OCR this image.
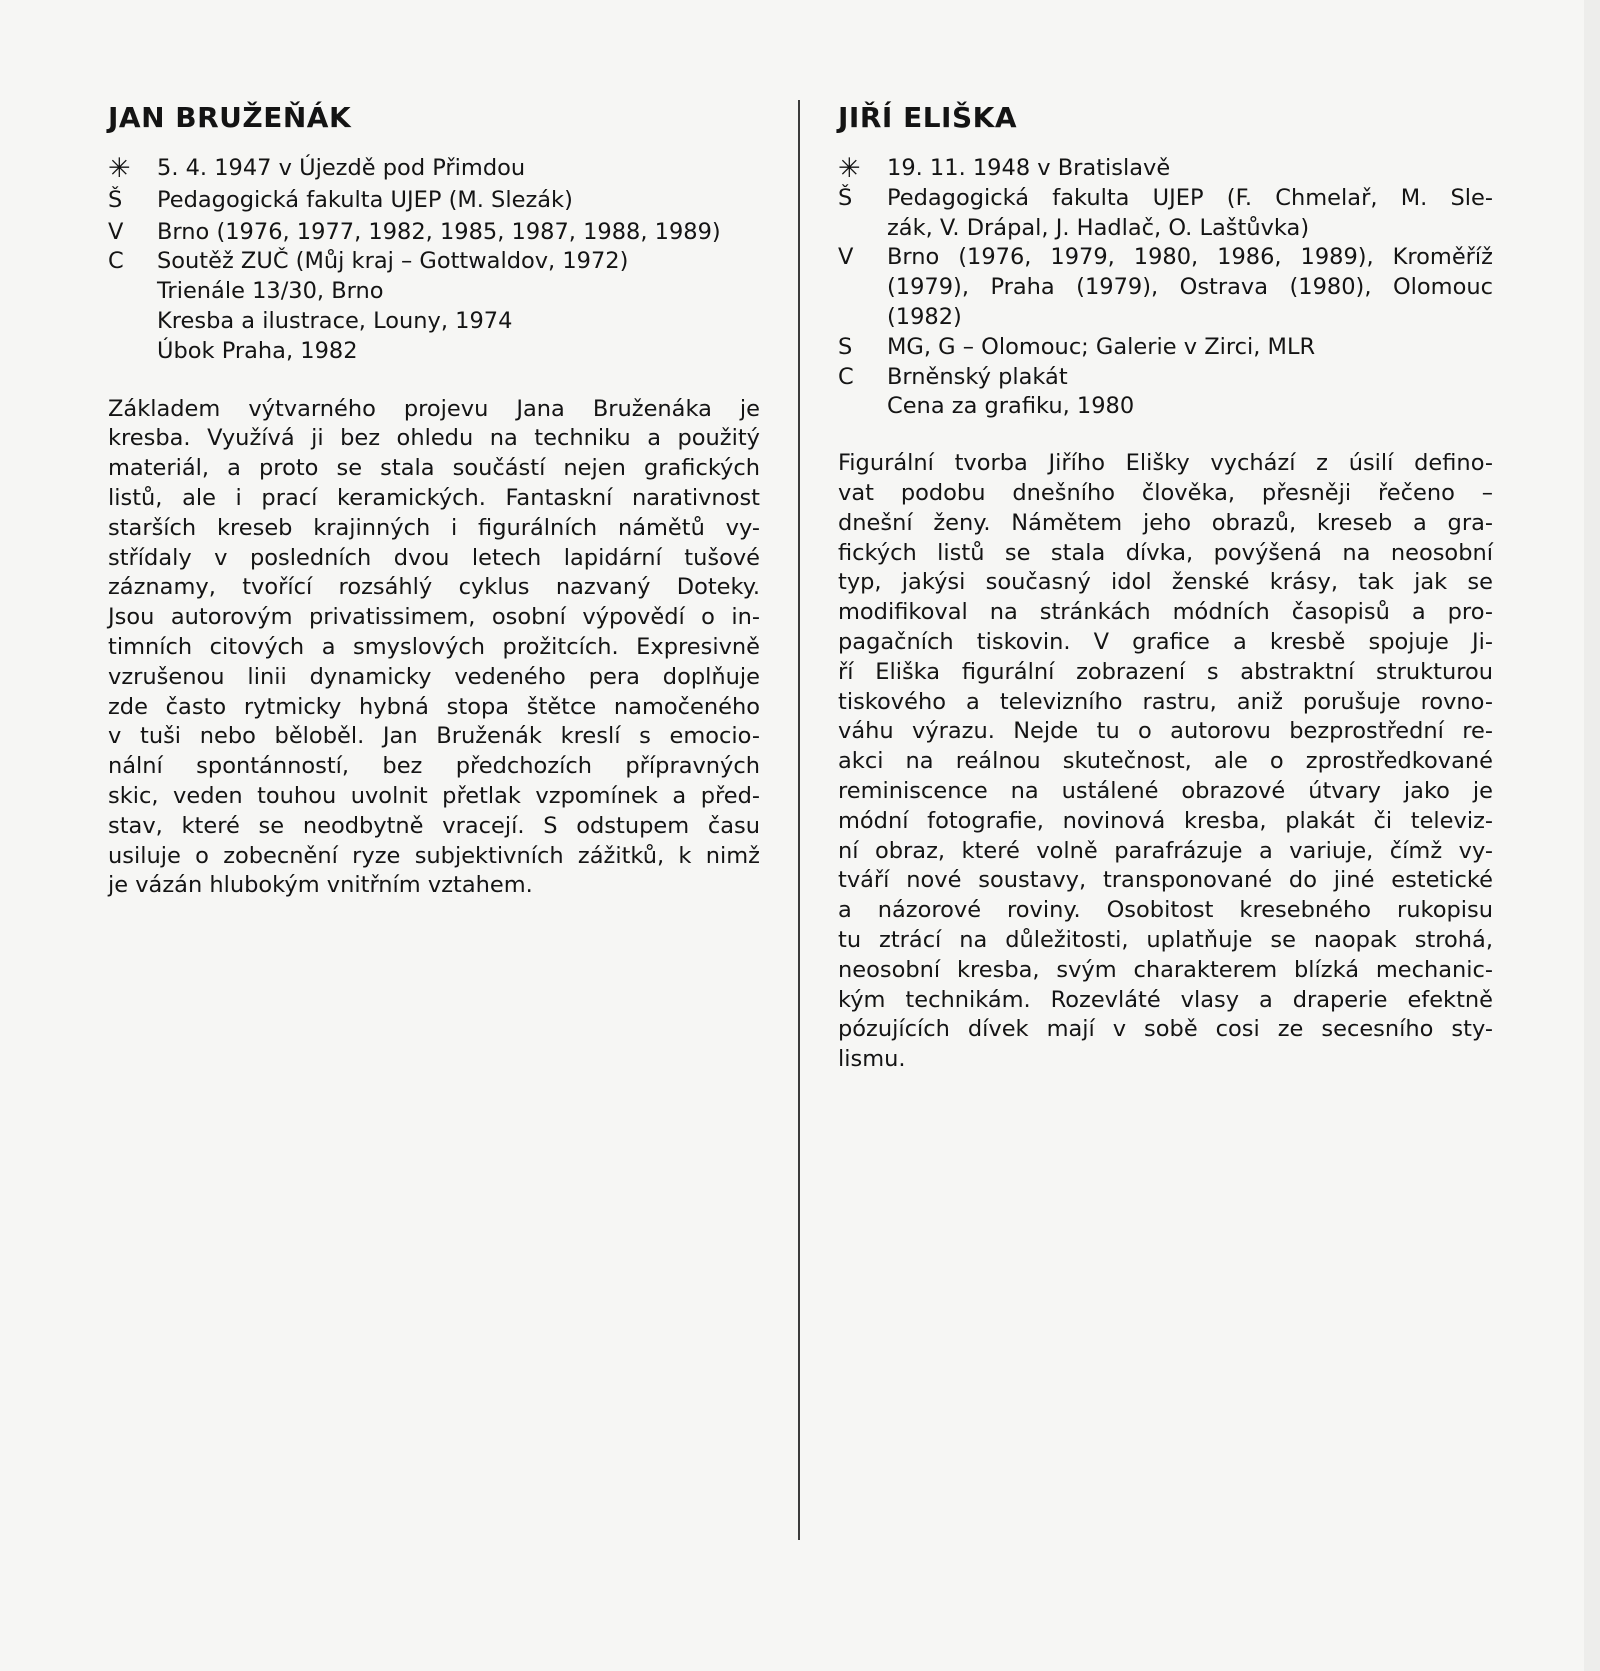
JAN BRUŽEŇÁK
✳	5. 4. 1947 v Újezdě pod Přimdou
Š	Pedagogická fakulta UJEP (M. Slezák)
V	Brno (1976, 1977, 1982, 1985, 1987, 1988, 1989)
C	Soutěž ZUČ (Můj kraj – Gottwaldov, 1972)
Trienále 13/30, Brno
Kresba a ilustrace, Louny, 1974
Úbok Praha, 1982
Základem výtvarného projevu Jana Bruženáka je
kresba. Využívá ji bez ohledu na techniku a použitý
materiál, a proto se stala součástí nejen grafických
listů, ale i prací keramických. Fantaskní narativnost
starších kreseb krajinných i figurálních námětů vy-
střídaly v posledních dvou letech lapidární tušové
záznamy, tvořící rozsáhlý cyklus nazvaný Doteky.
Jsou autorovým privatissimem, osobní výpovědí o in-
timních citových a smyslových prožitcích. Expresivně
vzrušenou linii dynamicky vedeného pera doplňuje
zde často rytmicky hybná stopa štětce namočeného
v tuši nebo běloběl. Jan Bruženák kreslí s emocio-
nální spontánností, bez předchozích přípravných
skic, veden touhou uvolnit přetlak vzpomínek a před-
stav, které se neodbytně vracejí. S odstupem času
usiluje o zobecnění ryze subjektivních zážitků, k nimž
je vázán hlubokým vnitřním vztahem.
JIŘÍ ELIŠKA
✳	19. 11. 1948 v Bratislavě
Š	Pedagogická fakulta UJEP (F. Chmelař, M. Sle-
zák, V. Drápal, J. Hadlač, O. Laštůvka)
V	Brno (1976, 1979, 1980, 1986, 1989), Kroměříž
(1979), Praha (1979), Ostrava (1980), Olomouc
(1982)
S	MG, G – Olomouc; Galerie v Zirci, MLR
C	Brněnský plakát
Cena za grafiku, 1980
Figurální tvorba Jiřího Elišky vychází z úsilí defino-
vat podobu dnešního člověka, přesněji řečeno –
dnešní ženy. Námětem jeho obrazů, kreseb a gra-
fických listů se stala dívka, povýšená na neosobní
typ, jakýsi současný idol ženské krásy, tak jak se
modifikoval na stránkách módních časopisů a pro-
pagačních tiskovin. V grafice a kresbě spojuje Ji-
ří Eliška figurální zobrazení s abstraktní strukturou
tiskového a televizního rastru, aniž porušuje rovno-
váhu výrazu. Nejde tu o autorovu bezprostřední re-
akci na reálnou skutečnost, ale o zprostředkované
reminiscence na ustálené obrazové útvary jako je
módní fotografie, novinová kresba, plakát či televiz-
ní obraz, které volně parafrázuje a variuje, čímž vy-
tváří nové soustavy, transponované do jiné estetické
a názorové roviny. Osobitost kresebného rukopisu
tu ztrácí na důležitosti, uplatňuje se naopak strohá,
neosobní kresba, svým charakterem blízká mechanic-
kým technikám. Rozevláté vlasy a draperie efektně
pózujících dívek mají v sobě cosi ze secesního sty-
lismu.
